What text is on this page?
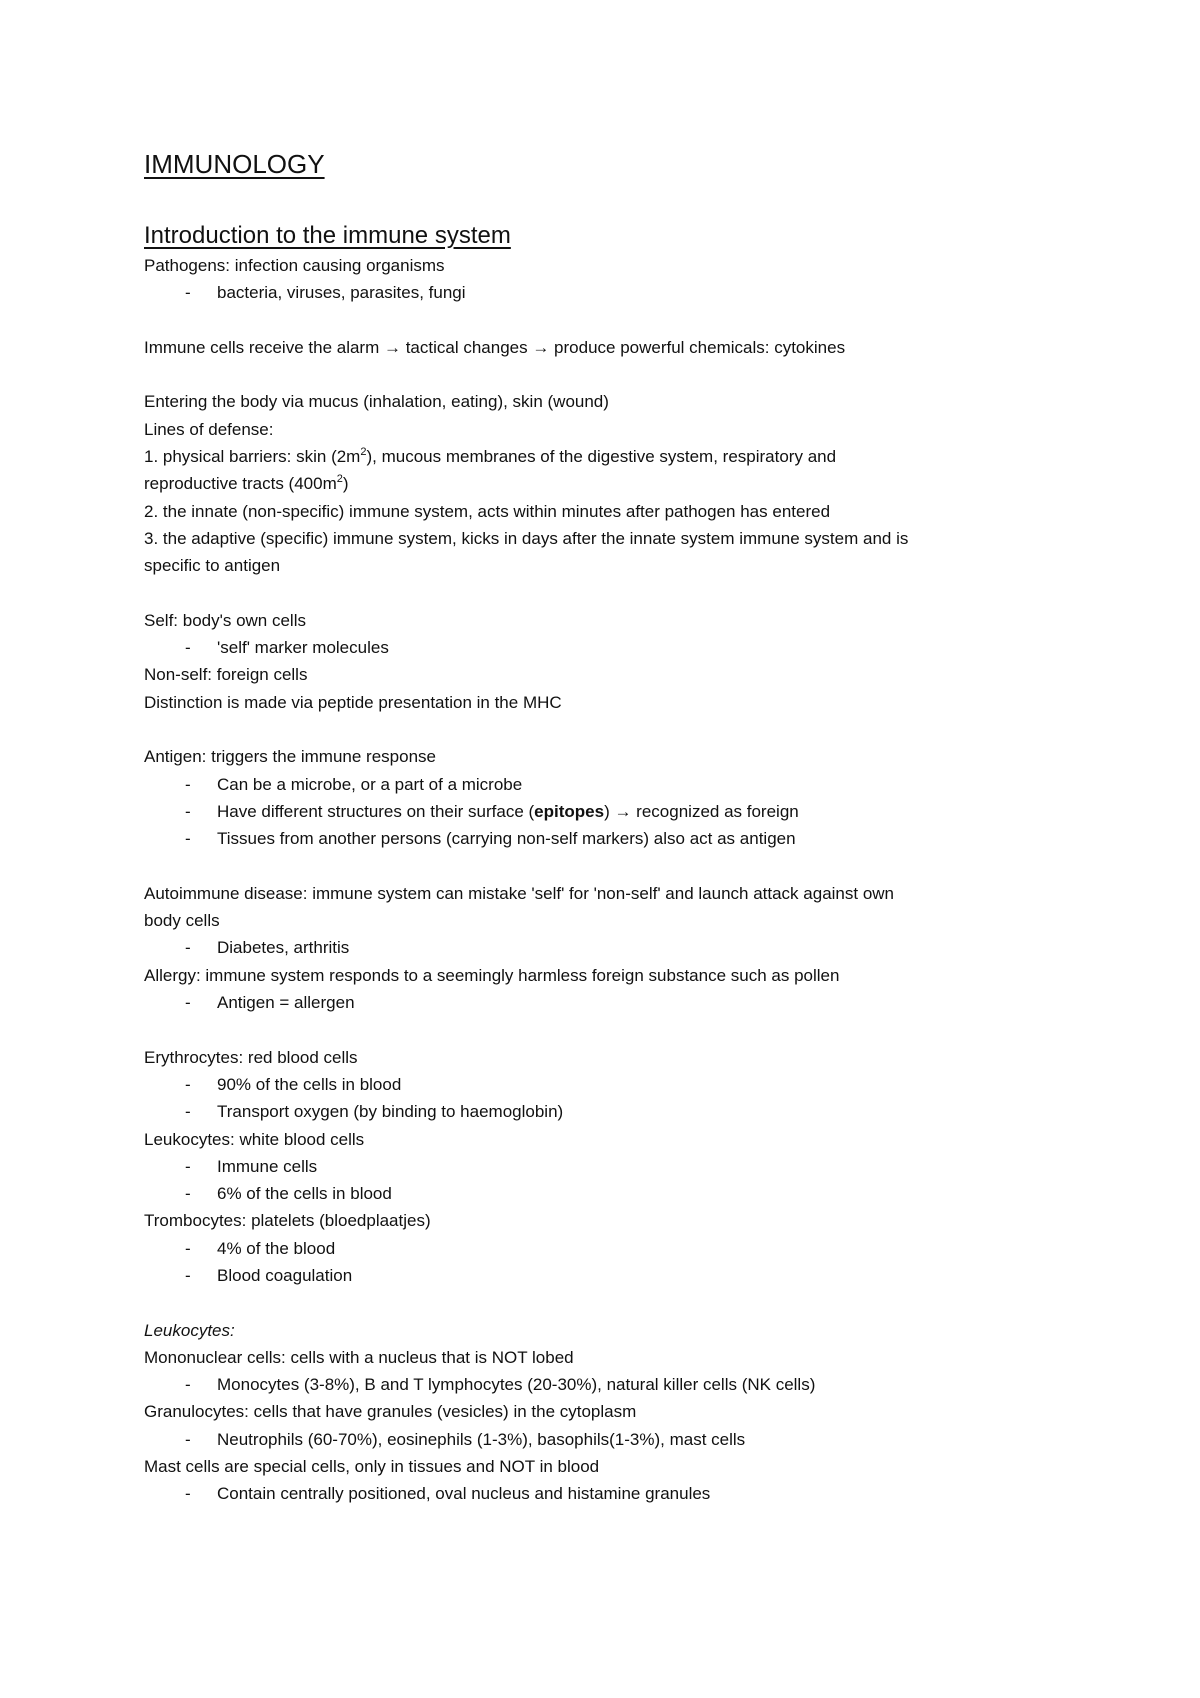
IMMUNOLOGY
Introduction to the immune system
Pathogens: infection causing organisms
- bacteria, viruses, parasites, fungi
Immune cells receive the alarm → tactical changes → produce powerful chemicals: cytokines
Entering the body via mucus (inhalation, eating), skin (wound)
Lines of defense:
1. physical barriers: skin $(2m^2)$, mucous membranes of the digestive system, respiratory and
reproductive tracts $(400m^2)$
2. the innate (non-specific) immune system, acts within minutes after pathogen has entered
3. the adaptive (specific) immune system, kicks in days after the innate system immune system and is
specific to antigen
Self: body's own cells
- 'self' marker molecules
Non-self: foreign cells
Distinction is made via peptide presentation in the MHC
Antigen: triggers the immune response
- Can be a microbe, or a part of a microbe
- Have different structures on their surface (epitopes) → recognized as foreign
- Tissues from another persons (carrying non-self markers) also act as antigen
Autoimmune disease: immune system can mistake 'self' for 'non-self' and launch attack against own
body cells
- Diabetes, arthritis
Allergy: immune system responds to a seemingly harmless foreign substance such as pollen
- Antigen = allergen
Erythrocytes: red blood cells
- 90% of the cells in blood
- Transport oxygen (by binding to haemoglobin)
Leukocytes: white blood cells
- Immune cells
- 6% of the cells in blood
Trombocytes: platelets (bloedplaatjes)
- 4% of the blood
- Blood coagulation
Leukocytes:
Mononuclear cells: cells with a nucleus that is NOT lobed
- Monocytes (3-8%), B and T lymphocytes (20-30%), natural killer cells (NK cells)
Granulocytes: cells that have granules (vesicles) in the cytoplasm
- Neutrophils (60-70%), eosinephils (1-3%), basophils(1-3%), mast cells
Mast cells are special cells, only in tissues and NOT in blood
- Contain centrally positioned, oval nucleus and histamine granules
